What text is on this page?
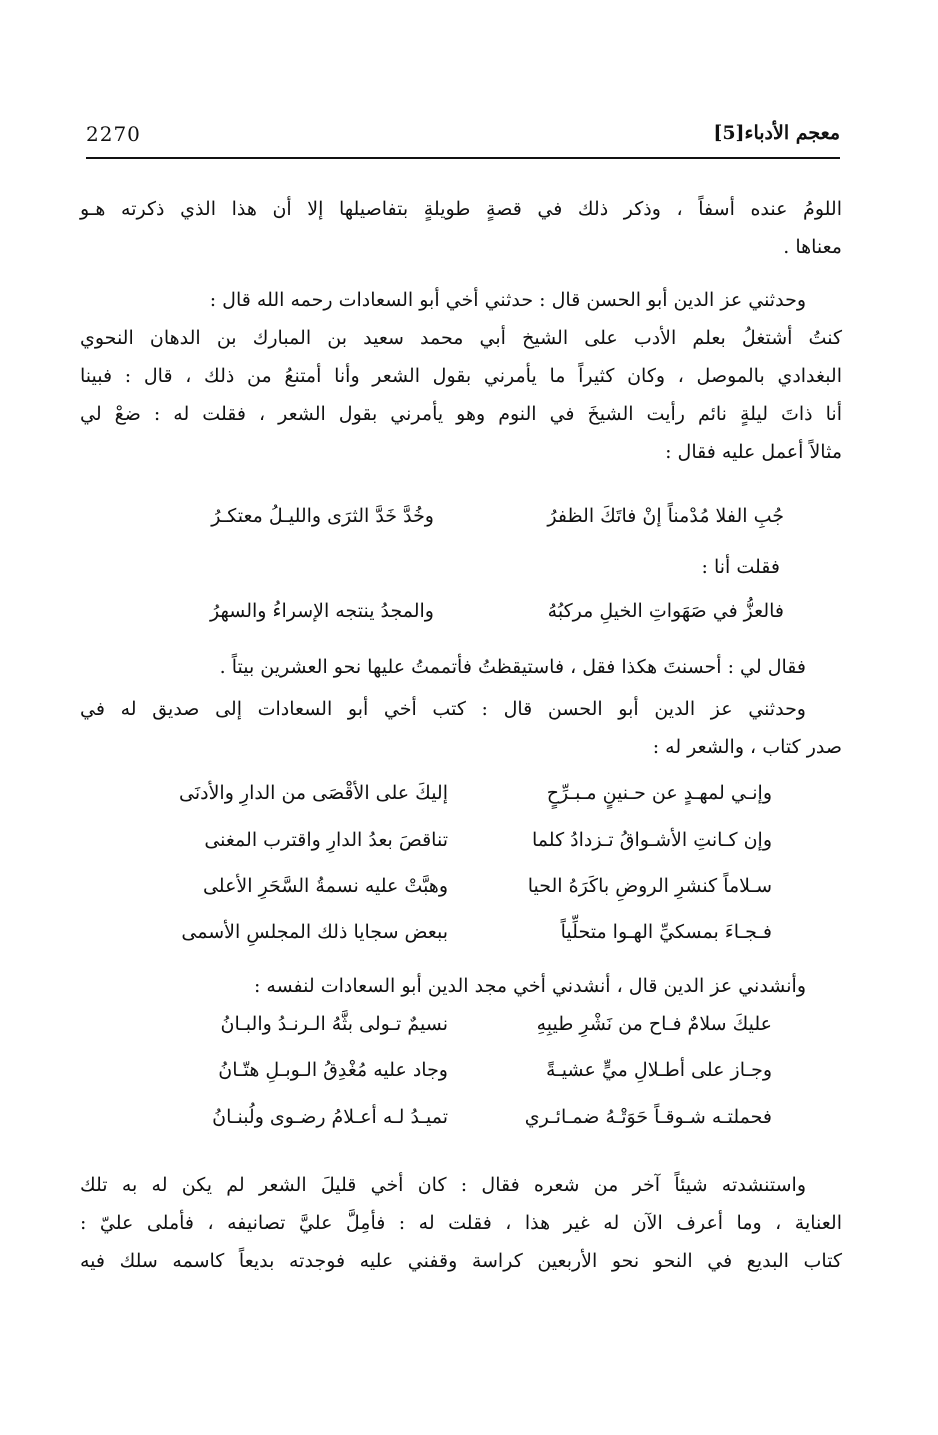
2270	معجم الأدباء[5]

اللومُ عنده أسفاً ، وذكر ذلك في قصةٍ طويلةٍ بتفاصيلها إلا أن هذا الذي ذكرته هـو

معناها .

وحدثني عز الدين أبو الحسن قال : حدثني أخي أبو السعادات رحمه الله قال :

كنتُ أشتغلُ بعلم الأدب على الشيخ أبي محمد سعيد بن المبارك بن الدهان النحوي

البغدادي بالموصل ، وكان كثيراً ما يأمرني بقول الشعر وأنا أمتنعُ من ذلك ، قال : فبينا

أنا ذاتَ ليلةٍ نائم رأيت الشيخَ في النوم وهو يأمرني بقول الشعر ، فقلت له : ضعْ لي

مثالاً أعمل عليه فقال :

جُبِ الفلا مُدْمناً إنْ فاتَكَ الظفرُ
وخُدَّ خَدَّ الثرَى والليـلُ معتكـرُ
فقلت أنا :
فالعزُّ في صَهَواتِ الخيلِ مركبُهُ
والمجدُ ينتجه الإسراءُ والسهرُ

فقال لي : أحسنتَ هكذا فقل ، فاستيقظتُ فأتممتُ عليها نحو العشرين بيتاً .

وحدثني عز الدين أبو الحسن قال : كتب أخي أبو السعادات إلى صديق له في

صدر كتاب ، والشعر له :

وإنـي لمهـدٍ عن حـنينٍ مـبـرِّحٍ
إليكَ على الأقْصَى من الدارِ والأدنَى
وإن كـانتِ الأشـواقُ تـزدادُ كلما
تناقصَ بعدُ الدارِ واقترب المغنى
سـلاماً كنشرِ الروضِ باكَرَهُ الحيا
وهبَّتْ عليه نسمةُ السَّحَرِ الأعلى
فـجـاءَ بمسكيِّ الهـوا متحلِّياً
ببعض سجايا ذلك المجلسِ الأسمى

وأنشدني عز الدين قال ، أنشدني أخي مجد الدين أبو السعادات لنفسه :

عليكَ سلامٌ فـاح من نَشْرِ طيبِهِ
نسيمٌ تـولى بثَّهُ الـرنـدُ والبـانُ
وجـاز على أطـلالِ ميٍّ عشيـةً
وجاد عليه مُغْدِقُ الـوبـلِ هتّـانُ
فحملتـه شـوقـاً حَوَتْـهُ ضمـائـري
تميـدُ لـه أعـلامُ رضـوى ولُبنـانُ

واستنشدته شيئاً آخر من شعره فقال : كان أخي قليلَ الشعر لم يكن له به تلك

العناية ، وما أعرف الآن له غير هذا ، فقلت له : فأمِلَّ عليَّ تصانيفه ، فأملى عليّ :

كتاب البديع في النحو نحو الأربعين كراسة وقفني عليه فوجدته بديعاً كاسمه سلك فيه
